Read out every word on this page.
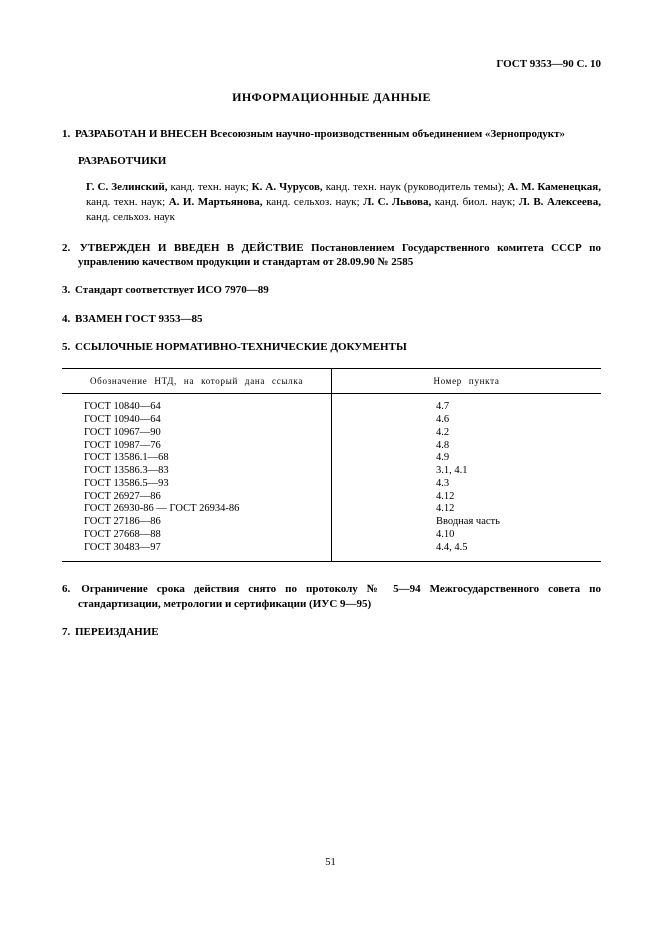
ГОСТ 9353—90 С. 10
ИНФОРМАЦИОННЫЕ ДАННЫЕ

1. РАЗРАБОТАН И ВНЕСЕН Всесоюзным научно-производственным объединением «Зернопродукт»

РАЗРАБОТЧИКИ

Г. С. Зелинский, канд. техн. наук; К. А. Чурусов, канд. техн. наук (руководитель темы); А. М. Каменецкая, канд. техн. наук; А. И. Мартьянова, канд. сельхоз. наук; Л. С. Львова, канд. биол. наук; Л. В. Алексеева, канд. сельхоз. наук

2. УТВЕРЖДЕН И ВВЕДЕН В ДЕЙСТВИЕ Постановлением Государственного комитета СССР по управлению качеством продукции и стандартам от 28.09.90 № 2585

3. Стандарт соответствует ИСО 7970—89

4. ВЗАМЕН ГОСТ 9353—85

5. ССЫЛОЧНЫЕ НОРМАТИВНО-ТЕХНИЧЕСКИЕ ДОКУМЕНТЫ

Обозначение НТД, на который дана ссылка	Номер пункта
ГОСТ 10840—64	4.7
ГОСТ 10940—64	4.6
ГОСТ 10967—90	4.2
ГОСТ 10987—76	4.8
ГОСТ 13586.1—68	4.9
ГОСТ 13586.3—83	3.1, 4.1
ГОСТ 13586.5—93	4.3
ГОСТ 26927—86	4.12
ГОСТ 26930-86 — ГОСТ 26934-86	4.12
ГОСТ 27186—86	Вводная часть
ГОСТ 27668—88	4.10
ГОСТ 30483—97	4.4, 4.5

6. Ограничение срока действия снято по протоколу № 5—94 Межгосударственного совета по стандартизации, метрологии и сертификации (ИУС 9—95)

7. ПЕРЕИЗДАНИЕ

51
